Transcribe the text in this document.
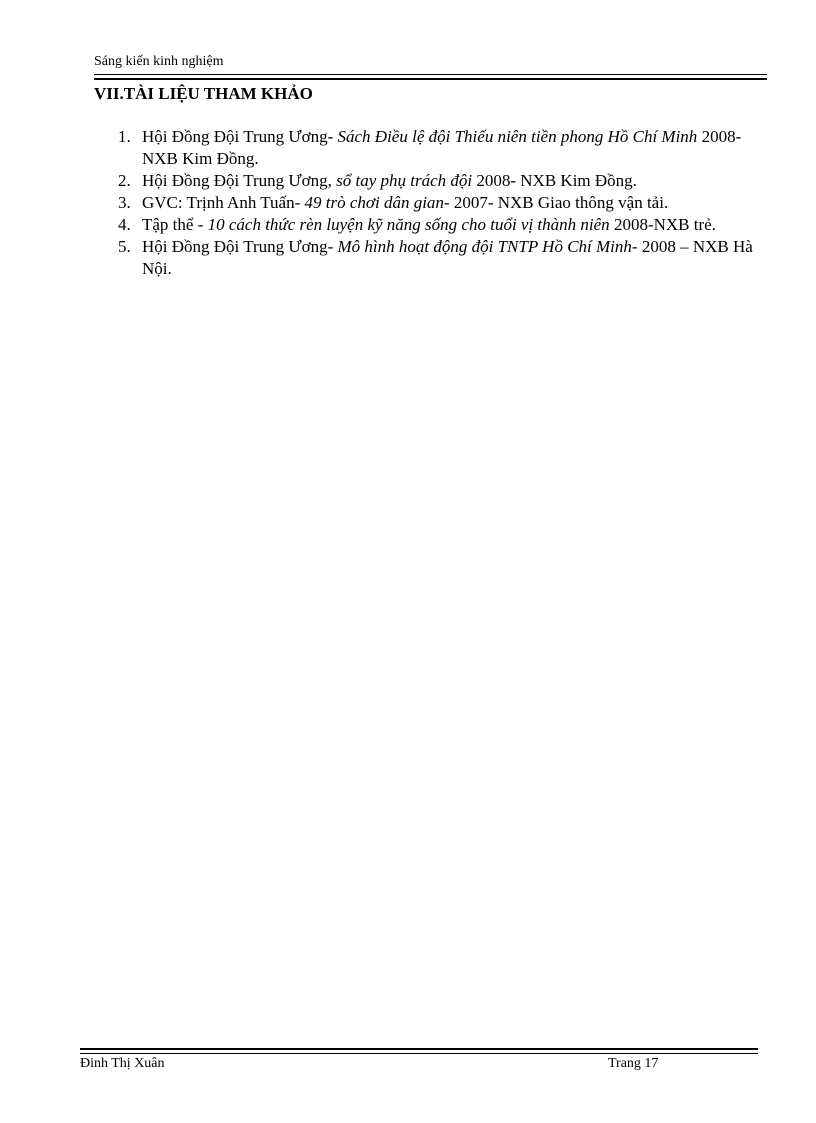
Sáng kiến kinh nghiệm
VII.TÀI LIỆU THAM KHẢO
1. Hội Đồng Đội Trung Ương- Sách Điều lệ đội Thiếu niên tiền phong Hồ Chí Minh 2008- NXB Kim Đồng.
2. Hội Đồng Đội Trung Ương, sổ tay phụ trách đội 2008- NXB Kim Đồng.
3. GVC: Trịnh Anh Tuấn- 49 trò chơi dân gian- 2007- NXB Giao thông vận tải.
4. Tập thể - 10 cách thức rèn luyện kỹ năng sống cho tuổi vị thành niên 2008-NXB trẻ.
5. Hội Đồng Đội Trung Ương- Mô hình hoạt động đội TNTP Hồ Chí Minh- 2008 – NXB Hà Nội.
Đinh Thị Xuân	Trang 17
